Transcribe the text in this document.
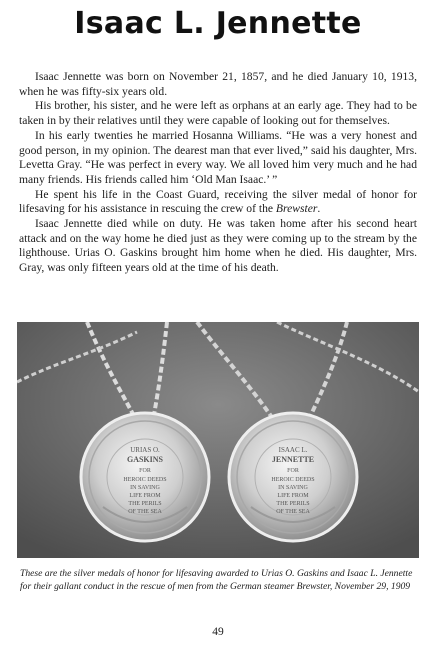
Isaac L. Jennette

Isaac Jennette was born on November 21, 1857, and he died January 10, 1913, when he was fifty-six years old.

His brother, his sister, and he were left as orphans at an early age. They had to be taken in by their relatives until they were capable of looking out for themselves.

In his early twenties he married Hosanna Williams. “He was a very honest and good person, in my opinion. The dearest man that ever lived,” said his daughter, Mrs. Levetta Gray. “He was perfect in every way. We all loved him very much and he had many friends. His friends called him ‘Old Man Isaac.’ ”

He spent his life in the Coast Guard, receiving the silver medal of honor for lifesaving for his assistance in rescuing the crew of the Brewster.

Isaac Jennette died while on duty. He was taken home after his second heart attack and on the way home he died just as they were coming up to the stream by the lighthouse. Urias O. Gaskins brought him home when he died. His daughter, Mrs. Gray, was only fifteen years old at the time of his death.

URIAS O.
GASKINS
FOR
HEROIC DEEDS
IN SAVING
LIFE FROM
THE PERILS
OF THE SEA
ISAAC L.
JENNETTE
FOR
HEROIC DEEDS
IN SAVING
LIFE FROM
THE PERILS
OF THE SEA
These are the silver medals of honor for lifesaving awarded to Urias O. Gaskins and Isaac L. Jennette for their gallant conduct in the rescue of men from the German steamer Brewster, November 29, 1909
49
